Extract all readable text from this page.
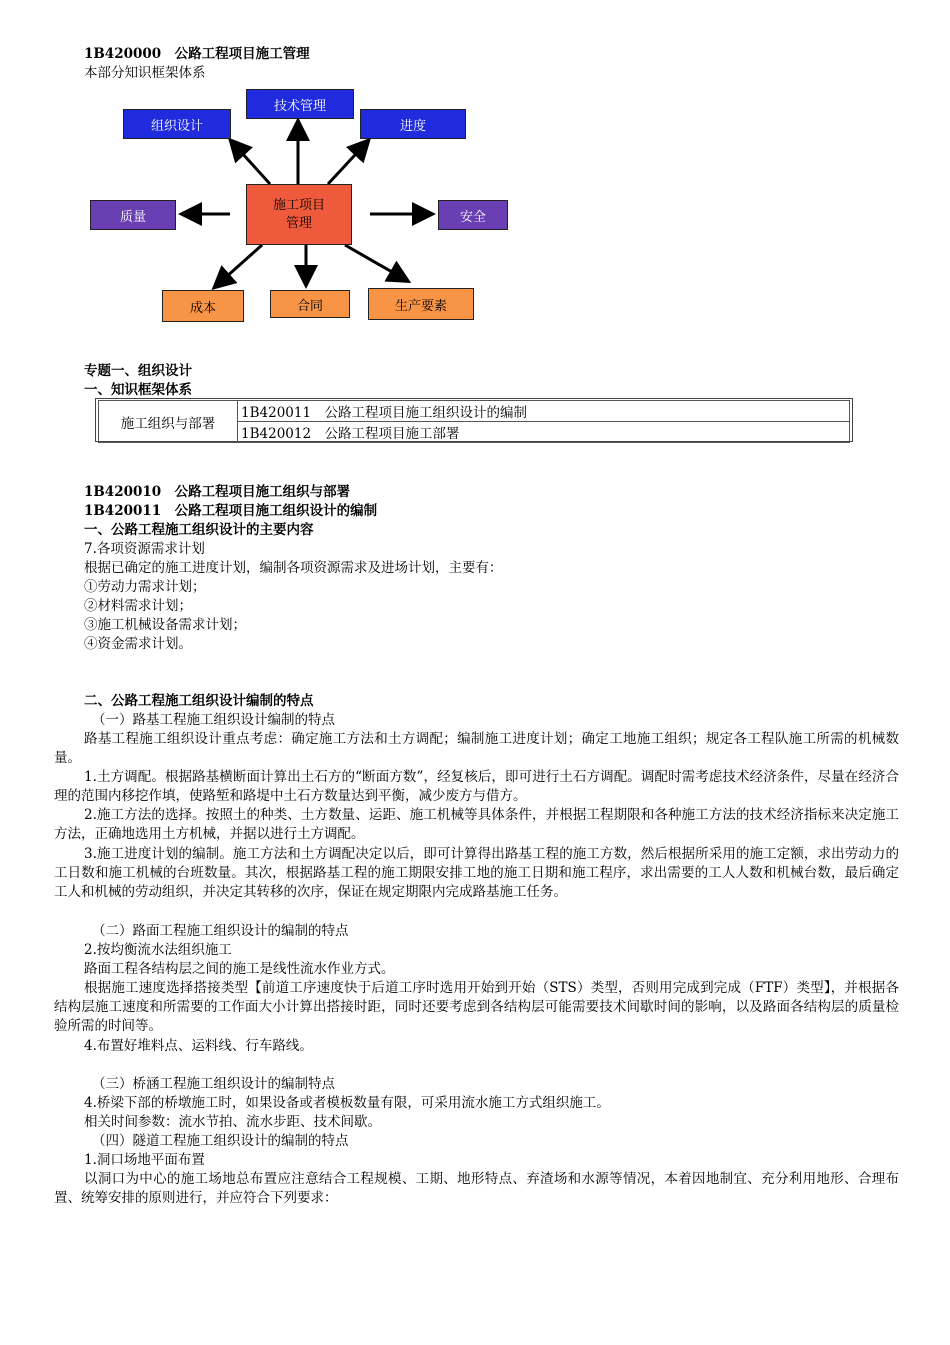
1B420000　公路工程项目施工管理
本部分知识框架体系
技术管理
组织设计	进度
质量	安全
施工项目
管理
成本	合同	生产要素
专题一、组织设计
一、知识框架体系
施工组织与部署	1B420011　公路工程项目施工组织设计的编制
1B420012　公路工程项目施工部署
1B420010　公路工程项目施工组织与部署
1B420011　公路工程项目施工组织设计的编制
一、公路工程施工组织设计的主要内容
7.各项资源需求计划
根据已确定的施工进度计划，编制各项资源需求及进场计划，主要有：
①劳动力需求计划；
②材料需求计划；
③施工机械设备需求计划；
④资金需求计划。
二、公路工程施工组织设计编制的特点
（一）路基工程施工组织设计编制的特点
路基工程施工组织设计重点考虑：确定施工方法和土方调配；编制施工进度计划；确定工地施工组织；规定各工程队施工所需的机械数量。
1.土方调配。根据路基横断面计算出土石方的“断面方数”，经复核后，即可进行土石方调配。调配时需考虑技术经济条件，尽量在经济合理的范围内移挖作填，使路堑和路堤中土石方数量达到平衡，减少废方与借方。
2.施工方法的选择。按照土的种类、土方数量、运距、施工机械等具体条件，并根据工程期限和各种施工方法的技术经济指标来决定施工方法，正确地选用土方机械，并据以进行土方调配。
3.施工进度计划的编制。施工方法和土方调配决定以后，即可计算得出路基工程的施工方数，然后根据所采用的施工定额，求出劳动力的工日数和施工机械的台班数量。其次，根据路基工程的施工期限安排工地的施工日期和施工程序，求出需要的工人人数和机械台数，最后确定工人和机械的劳动组织，并决定其转移的次序，保证在规定期限内完成路基施工任务。
（二）路面工程施工组织设计的编制的特点
2.按均衡流水法组织施工
路面工程各结构层之间的施工是线性流水作业方式。
根据施工速度选择搭接类型【前道工序速度快于后道工序时选用开始到开始（STS）类型，否则用完成到完成（FTF）类型】，并根据各结构层施工速度和所需要的工作面大小计算出搭接时距，同时还要考虑到各结构层可能需要技术间歇时间的影响，以及路面各结构层的质量检验所需的时间等。
4.布置好堆料点、运料线、行车路线。
（三）桥涵工程施工组织设计的编制特点
4.桥梁下部的桥墩施工时，如果设备或者模板数量有限，可采用流水施工方式组织施工。
相关时间参数：流水节拍、流水步距、技术间歇。
（四）隧道工程施工组织设计的编制的特点
1.洞口场地平面布置
以洞口为中心的施工场地总布置应注意结合工程规模、工期、地形特点、弃渣场和水源等情况，本着因地制宜、充分利用地形、合理布置、统筹安排的原则进行，并应符合下列要求：
